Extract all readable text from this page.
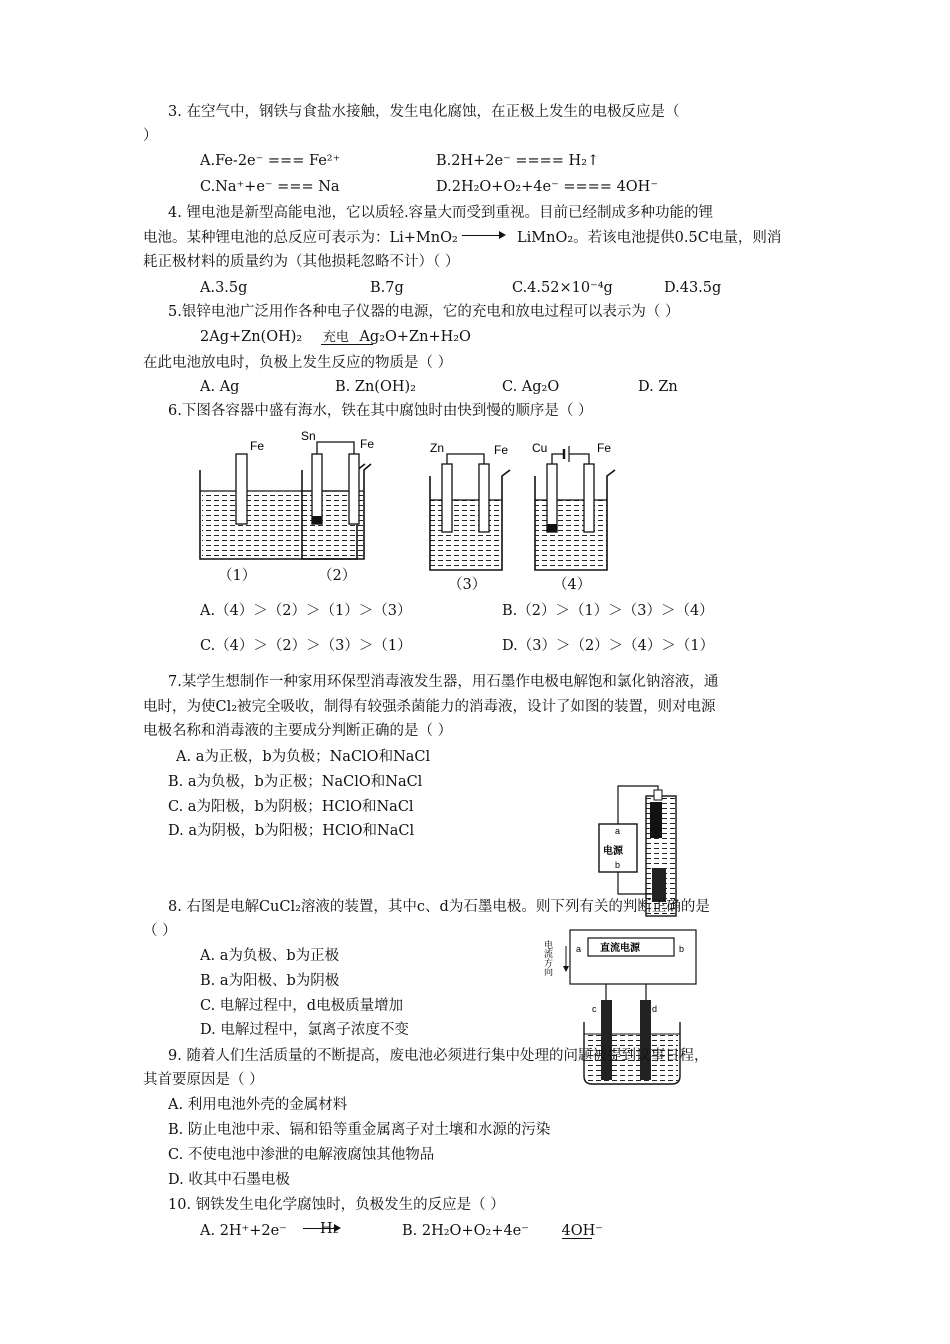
3. 在空气中，钢铁与食盐水接触，发生电化腐蚀，在正极上发生的电极反应是（
）
A.Fe-2e⁻ === Fe²⁺	B.2H+2e⁻ ==== H₂↑
C.Na⁺+e⁻ === Na	D.2H₂O+O₂+4e⁻ ==== 4OH⁻
4. 锂电池是新型高能电池，它以质轻.容量大而受到重视。目前已经制成多种功能的锂
电池。某种锂电池的总反应可表示为：Li+MnO₂	LiMnO₂。若该电池提供0.5C电量，则消
耗正极材料的质量约为（其他损耗忽略不计）（ ）
A.3.5g	B.7g	C.4.52×10⁻⁴g	D.43.5g
5.银锌电池广泛用作各种电子仪器的电源，它的充电和放电过程可以表示为（ ）
2Ag+Zn(OH)₂ 充电 Ag₂O+Zn+H₂O
在此电池放电时，负极上发生反应的物质是（ ）
A. Ag	B. Zn(OH)₂	C. Ag₂O	D. Zn
6.下图各容器中盛有海水，铁在其中腐蚀时由快到慢的顺序是（ ）
Fe
Sn
Fe	Zn	Fe Cu	Fe
（1）	（2）
（3）	（4）
A.（4）＞（2）＞（1）＞（3）	B.（2）＞（1）＞（3）＞（4）
C.（4）＞（2）＞（3）＞（1）	D.（3）＞（2）＞（4）＞（1）
7.某学生想制作一种家用环保型消毒液发生器，用石墨作电极电解饱和氯化钠溶液，通
电时，为使Cl₂被完全吸收，制得有较强杀菌能力的消毒液，设计了如图的装置，则对电源
电极名称和消毒液的主要成分判断正确的是（ ）
A. a为正极，b为负极；NaClO和NaCl
B. a为负极，b为正极；NaClO和NaCl
C. a为阳极，b为阴极；HClO和NaCl
D. a为阴极，b为阳极；HClO和NaCl	a
电源
b
8. 右图是电解CuCl₂溶液的装置，其中c、d为石墨电极。则下列有关的判断正确的是
（ ）
A. a为负极、b为正极
B. a为阳极、b为阴极
C. 电解过程中，d电极质量增加
D. 电解过程中，氯离子浓度不变
电流方向	直流电源
a	b
c	d
9. 随着人们生活质量的不断提高，废电池必须进行集中处理的问题被提到议事日程，
其首要原因是（ ）
A. 利用电池外壳的金属材料
B. 防止电池中汞、镉和铅等重金属离子对土壤和水源的污染
C. 不使电池中渗泄的电解液腐蚀其他物品
D. 收其中石墨电极
10. 钢铁发生电化学腐蚀时，负极发生的反应是（ ）
A. 2H⁺+2e⁻ H₂	B. 2H₂O+O₂+4e⁻ 4OH⁻
